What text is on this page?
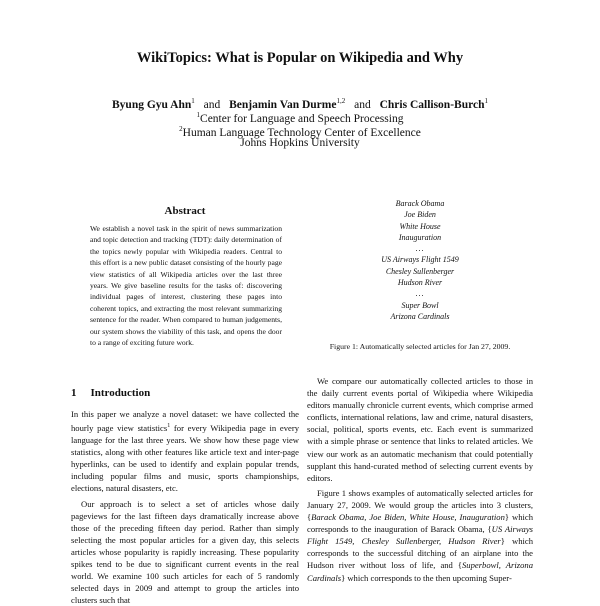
WikiTopics: What is Popular on Wikipedia and Why
Byung Gyu Ahn$^1$ and Benjamin Van Durme$^{1,2}$ and Chris Callison-Burch$^1$
$^1$Center for Language and Speech Processing
$^2$Human Language Technology Center of Excellence
Johns Hopkins University
Abstract
We establish a novel task in the spirit of news summarization and topic detection and tracking (TDT): daily determination of the topics newly popular with Wikipedia readers. Central to this effort is a new public dataset consisting of the hourly page view statistics of all Wikipedia articles over the last three years. We give baseline results for the tasks of: discovering individual pages of interest, clustering these pages into coherent topics, and extracting the most relevant summarizing sentence for the reader. When compared to human judgements, our system shows the viability of this task, and opens the door to a range of exciting future work.
1 Introduction

In this paper we analyze a novel dataset: we have collected the hourly page view statistics$^1$ for every Wikipedia page in every language for the last three years. We show how these page view statistics, along with other features like article text and inter-page hyperlinks, can be used to identify and explain popular trends, including popular films and music, sports championships, elections, natural disasters, etc.

Our approach is to select a set of articles whose daily pageviews for the last fifteen days dramatically increase above those of the preceding fifteen day period. Rather than simply selecting the most popular articles for a given day, this selects articles whose popularity is rapidly increasing. These popularity spikes tend to be due to significant current events in the real world. We examine 100 such articles for each of 5 randomly selected days in 2009 and attempt to group the articles into clusters such that

Barack Obama
Joe Biden
White House
Inauguration
...
US Airways Flight 1549
Chesley Sullenberger
Hudson River
...
Super Bowl
Arizona Cardinals
Figure 1: Automatically selected articles for Jan 27, 2009.

We compare our automatically collected articles to those in the daily current events portal of Wikipedia where Wikipedia editors manually chronicle current events, which comprise armed conflicts, international relations, law and crime, natural disasters, social, political, sports events, etc. Each event is summarized with a simple phrase or sentence that links to related articles. We view our work as an automatic mechanism that could potentially supplant this hand-curated method of selecting current events by editors.

Figure 1 shows examples of automatically selected articles for January 27, 2009. We would group the articles into 3 clusters, {Barack Obama, Joe Biden, White House, Inauguration} which corresponds to the inauguration of Barack Obama, {US Airways Flight 1549, Chesley Sullenberger, Hudson River} which corresponds to the successful ditching of an airplane into the Hudson river without loss of life, and {Superbowl, Arizona Cardinals} which corresponds to the then upcoming Super-
